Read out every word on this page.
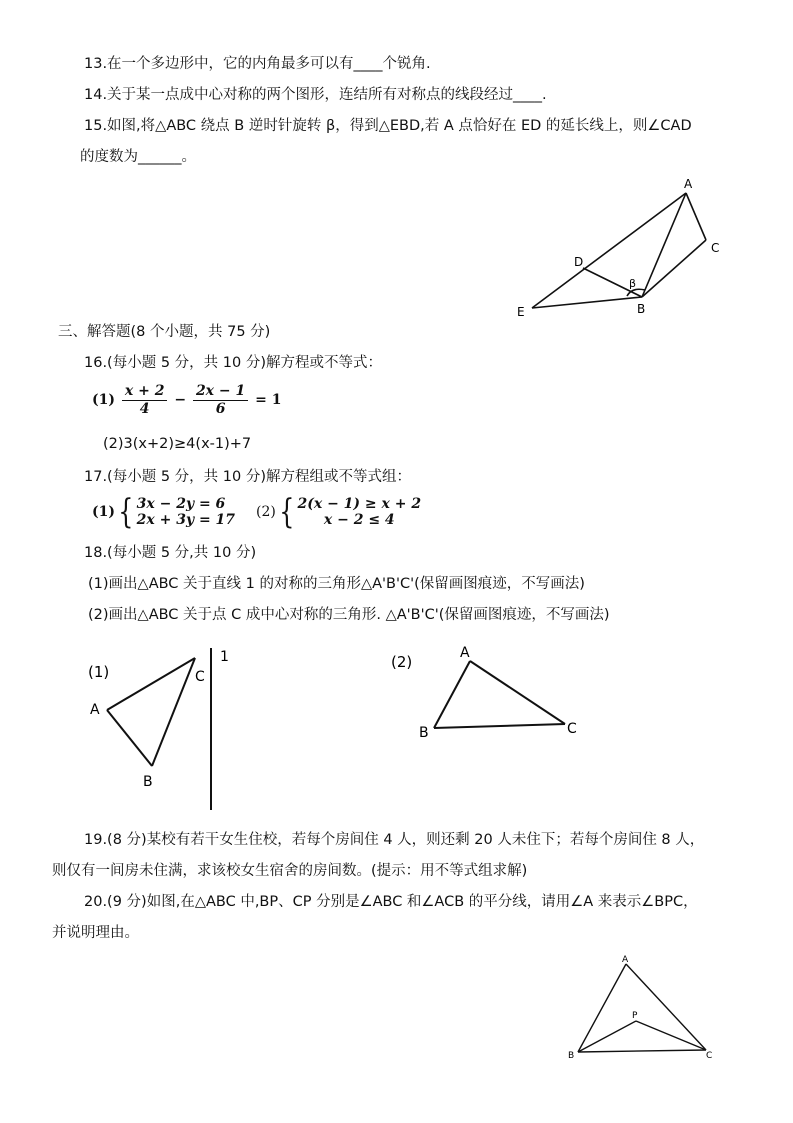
13.在一个多边形中，它的内角最多可以有____个锐角.
14.关于某一点成中心对称的两个图形，连结所有对称点的线段经过____.
15.如图,将△ABC 绕点 B 逆时针旋转 β，得到△EBD,若 A 点恰好在 ED 的延长线上，则∠CAD
的度数为______。
A
C
D
β
E	B
三、解答题(8 个小题，共 75 分)
16.(每小题 5 分，共 10 分)解方程或不等式：
$(1) \frac{x + 2}{4} - \frac{2x - 1}{6} = 1$
(2)3(x+2)≥4(x-1)+7
17.(每小题 5 分，共 10 分)解方程组或不等式组：
(1){ 3x − 2y = 6
2x + 3y = 17 (2){ 2(x − 1) ≥ x + 2
x − 2 ≤ 4
18.(每小题 5 分,共 10 分)
(1)画出△ABC 关于直线 1 的对称的三角形△A'B'C'(保留画图痕迹，不写画法)
(2)画出△ABC 关于点 C 成中心对称的三角形. △A'B'C'(保留画图痕迹，不写画法)
(1)
A
B
C
1	(2)	A
B	C
19.(8 分)某校有若干女生住校，若每个房间住 4 人，则还剩 20 人未住下；若每个房间住 8 人，
则仅有一间房未住满，求该校女生宿舍的房间数。(提示：用不等式组求解)
20.(9 分)如图,在△ABC 中,BP、CP 分别是∠ABC 和∠ACB 的平分线，请用∠A 来表示∠BPC，
并说明理由。
A
P
B	C
